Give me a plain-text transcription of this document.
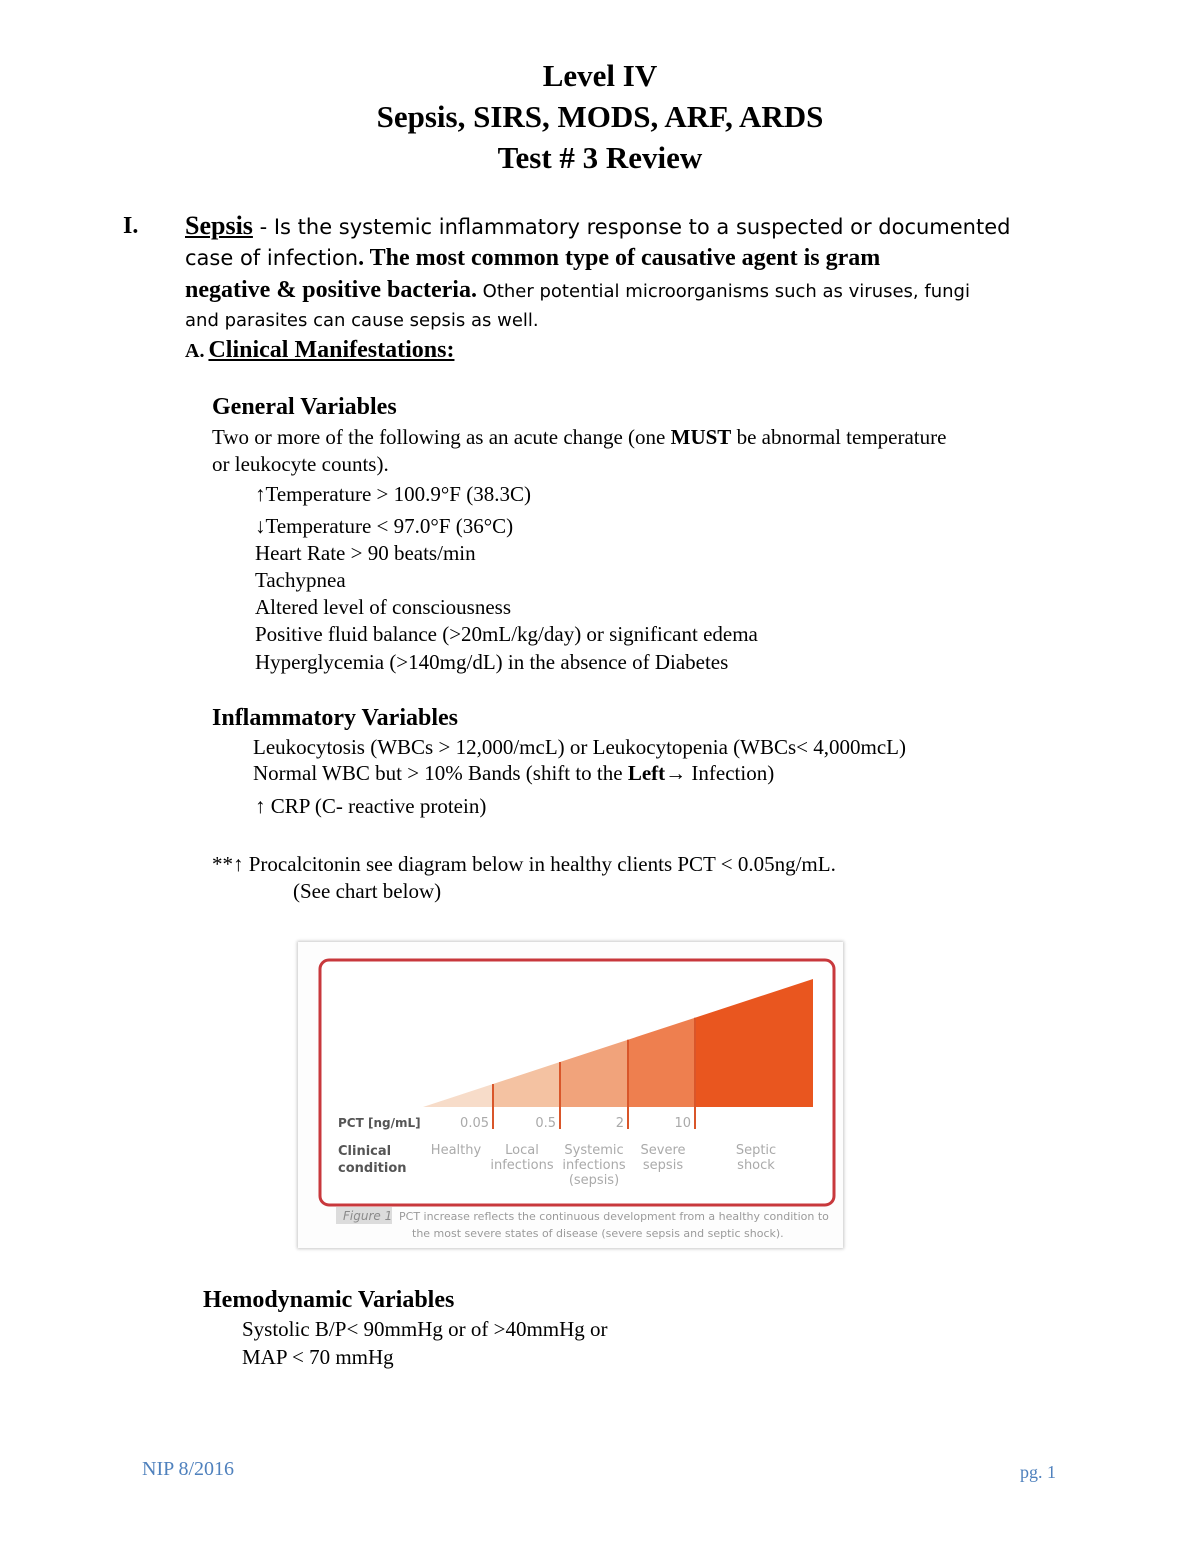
Level IV
Sepsis, SIRS, MODS, ARF, ARDS
Test # 3 Review
I. Sepsis - Is the systemic inflammatory response to a suspected or documented
case of infection. The most common type of causative agent is gram
negative & positive bacteria. Other potential microorganisms such as viruses, fungi
and parasites can cause sepsis as well.
A. Clinical Manifestations:
General Variables
Two or more of the following as an acute change (one MUST be abnormal temperature
or leukocyte counts).
↑Temperature > 100.9°F (38.3C)
↓Temperature < 97.0°F (36°C)
Heart Rate > 90 beats/min
Tachypnea
Altered level of consciousness
Positive fluid balance (>20mL/kg/day) or significant edema
Hyperglycemia (>140mg/dL) in the absence of Diabetes
Inflammatory Variables
Leukocytosis (WBCs > 12,000/mcL) or Leukocytopenia (WBCs< 4,000mcL)
Normal WBC but > 10% Bands (shift to the Left→ Infection)
↑ CRP (C- reactive protein)
**↑ Procalcitonin see diagram below in healthy clients PCT < 0.05ng/mL.
(See chart below)
0.05	0.5	2	10
PCT [ng/mL]
Clinical
condition
Healthy Local
infections
Systemic
infections
(sepsis)
Severe
sepsis
Septic
shock
Figure 1 PCT increase reflects the continuous development from a healthy condition to
the most severe states of disease (severe sepsis and septic shock).
Hemodynamic Variables
Systolic B/P< 90mmHg or of >40mmHg or
MAP < 70 mmHg
NIP 8/2016	pg. 1
